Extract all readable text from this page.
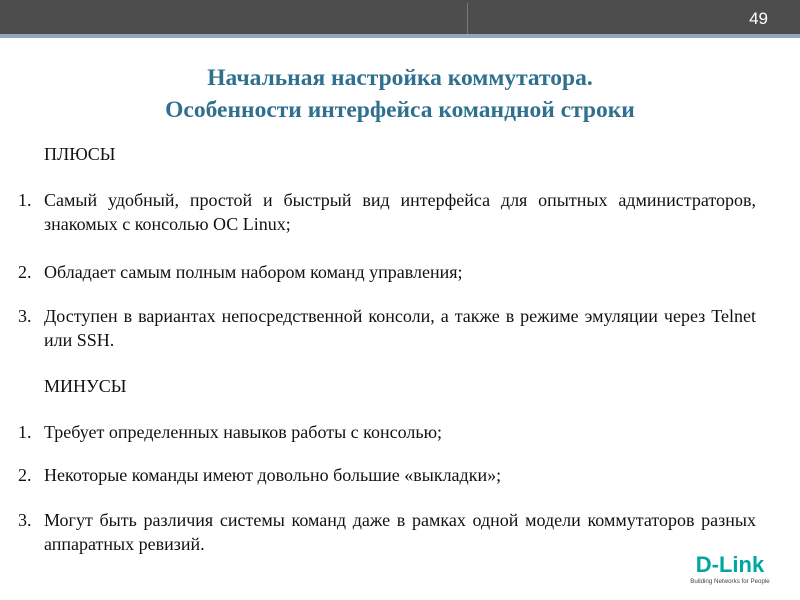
49
Начальная настройка коммутатора.
Особенности интерфейса командной строки
ПЛЮСЫ
1. Самый удобный, простой и быстрый вид интерфейса для опытных администраторов, знакомых с консолью ОС Linux;
2. Обладает самым полным набором команд управления;
3. Доступен в вариантах непосредственной консоли, а также в режиме эмуляции через Telnet или SSH.
МИНУСЫ
1. Требует определенных навыков работы с консолью;
2. Некоторые команды имеют довольно большие «выкладки»;
3. Могут быть различия системы команд даже в рамках одной модели коммутаторов разных аппаратных ревизий.
D-Link
Building Networks for People
